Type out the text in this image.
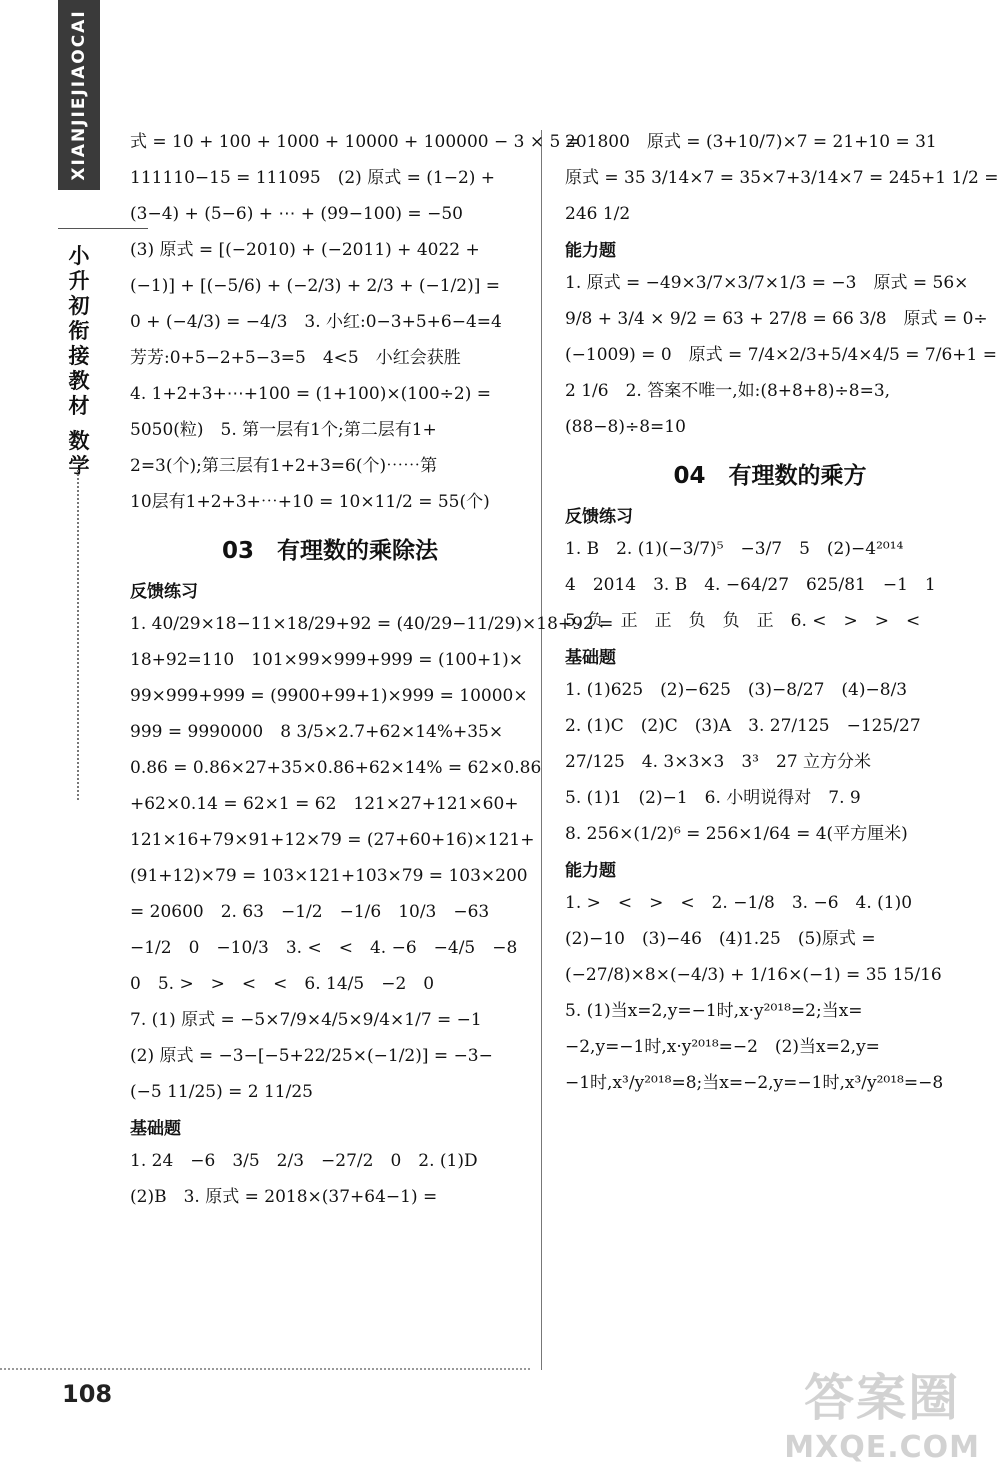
XIANJIEJIAOCAI
小
升
初
衔
接
教
材
数
学
式 = 10 + 100 + 1000 + 10000 + 100000 − 3 × 5 =
111110−15 = 111095　(2) 原式 = (1−2) +
(3−4) + (5−6) + ⋯ + (99−100) = −50
(3) 原式 = [(−2010) + (−2011) + 4022 +
(−1)] + [(−5/6) + (−2/3) + 2/3 + (−1/2)] =
0 + (−4/3) = −4/3　3. 小红:0−3+5+6−4=4
芳芳:0+5−2+5−3=5　4<5　小红会获胜
4. 1+2+3+⋯+100 = (1+100)×(100÷2) =
5050(粒)　5. 第一层有1个;第二层有1+
2=3(个);第三层有1+2+3=6(个)⋯⋯第
10层有1+2+3+⋯+10 = 10×11/2 = 55(个)
03　有理数的乘除法
反馈练习
1. 40/29×18−11×18/29+92 = (40/29−11/29)×18+92 =
18+92=110　101×99×999+999 = (100+1)×
99×999+999 = (9900+99+1)×999 = 10000×
999 = 9990000　8 3/5×2.7+62×14%+35×
0.86 = 0.86×27+35×0.86+62×14% = 62×0.86
+62×0.14 = 62×1 = 62　121×27+121×60+
121×16+79×91+12×79 = (27+60+16)×121+
(91+12)×79 = 103×121+103×79 = 103×200
= 20600　2. 63　−1/2　−1/6　10/3　−63
−1/2　0　−10/3　3. <　<　4. −6　−4/5　−8
0　5. >　>　<　<　6. 14/5　−2　0
7. (1) 原式 = −5×7/9×4/5×9/4×1/7 = −1
(2) 原式 = −3−[−5+22/25×(−1/2)] = −3−
(−5 11/25) = 2 11/25
基础题
1. 24　−6　3/5　2/3　−27/2　0　2. (1)D
(2)B　3. 原式 = 2018×(37+64−1) =
201800　原式 = (3+10/7)×7 = 21+10 = 31
原式 = 35 3/14×7 = 35×7+3/14×7 = 245+1 1/2 =
246 1/2
能力题
1. 原式 = −49×3/7×3/7×1/3 = −3　原式 = 56×
9/8 + 3/4 × 9/2 = 63 + 27/8 = 66 3/8　原式 = 0÷
(−1009) = 0　原式 = 7/4×2/3+5/4×4/5 = 7/6+1 =
2 1/6　2. 答案不唯一,如:(8+8+8)÷8=3,
(88−8)÷8=10
04　有理数的乘方
反馈练习
1. B　2. (1)(−3/7)⁵　−3/7　5　(2)−4²⁰¹⁴
4　2014　3. B　4. −64/27　625/81　−1　1
5. 负　正　正　负　负　正　6. <　>　>　<
基础题
1. (1)625　(2)−625　(3)−8/27　(4)−8/3
2. (1)C　(2)C　(3)A　3. 27/125　−125/27
27/125　4. 3×3×3　3³　27 立方分米
5. (1)1　(2)−1　6. 小明说得对　7. 9
8. 256×(1/2)⁶ = 256×1/64 = 4(平方厘米)
能力题
1. >　<　>　<　2. −1/8　3. −6　4. (1)0
(2)−10　(3)−46　(4)1.25　(5)原式 =
(−27/8)×8×(−4/3) + 1/16×(−1) = 35 15/16
5. (1)当x=2,y=−1时,x·y²⁰¹⁸=2;当x=
−2,y=−1时,x·y²⁰¹⁸=−2　(2)当x=2,y=
−1时,x³/y²⁰¹⁸=8;当x=−2,y=−1时,x³/y²⁰¹⁸=−8
108	答案圈
MXQE.COM
